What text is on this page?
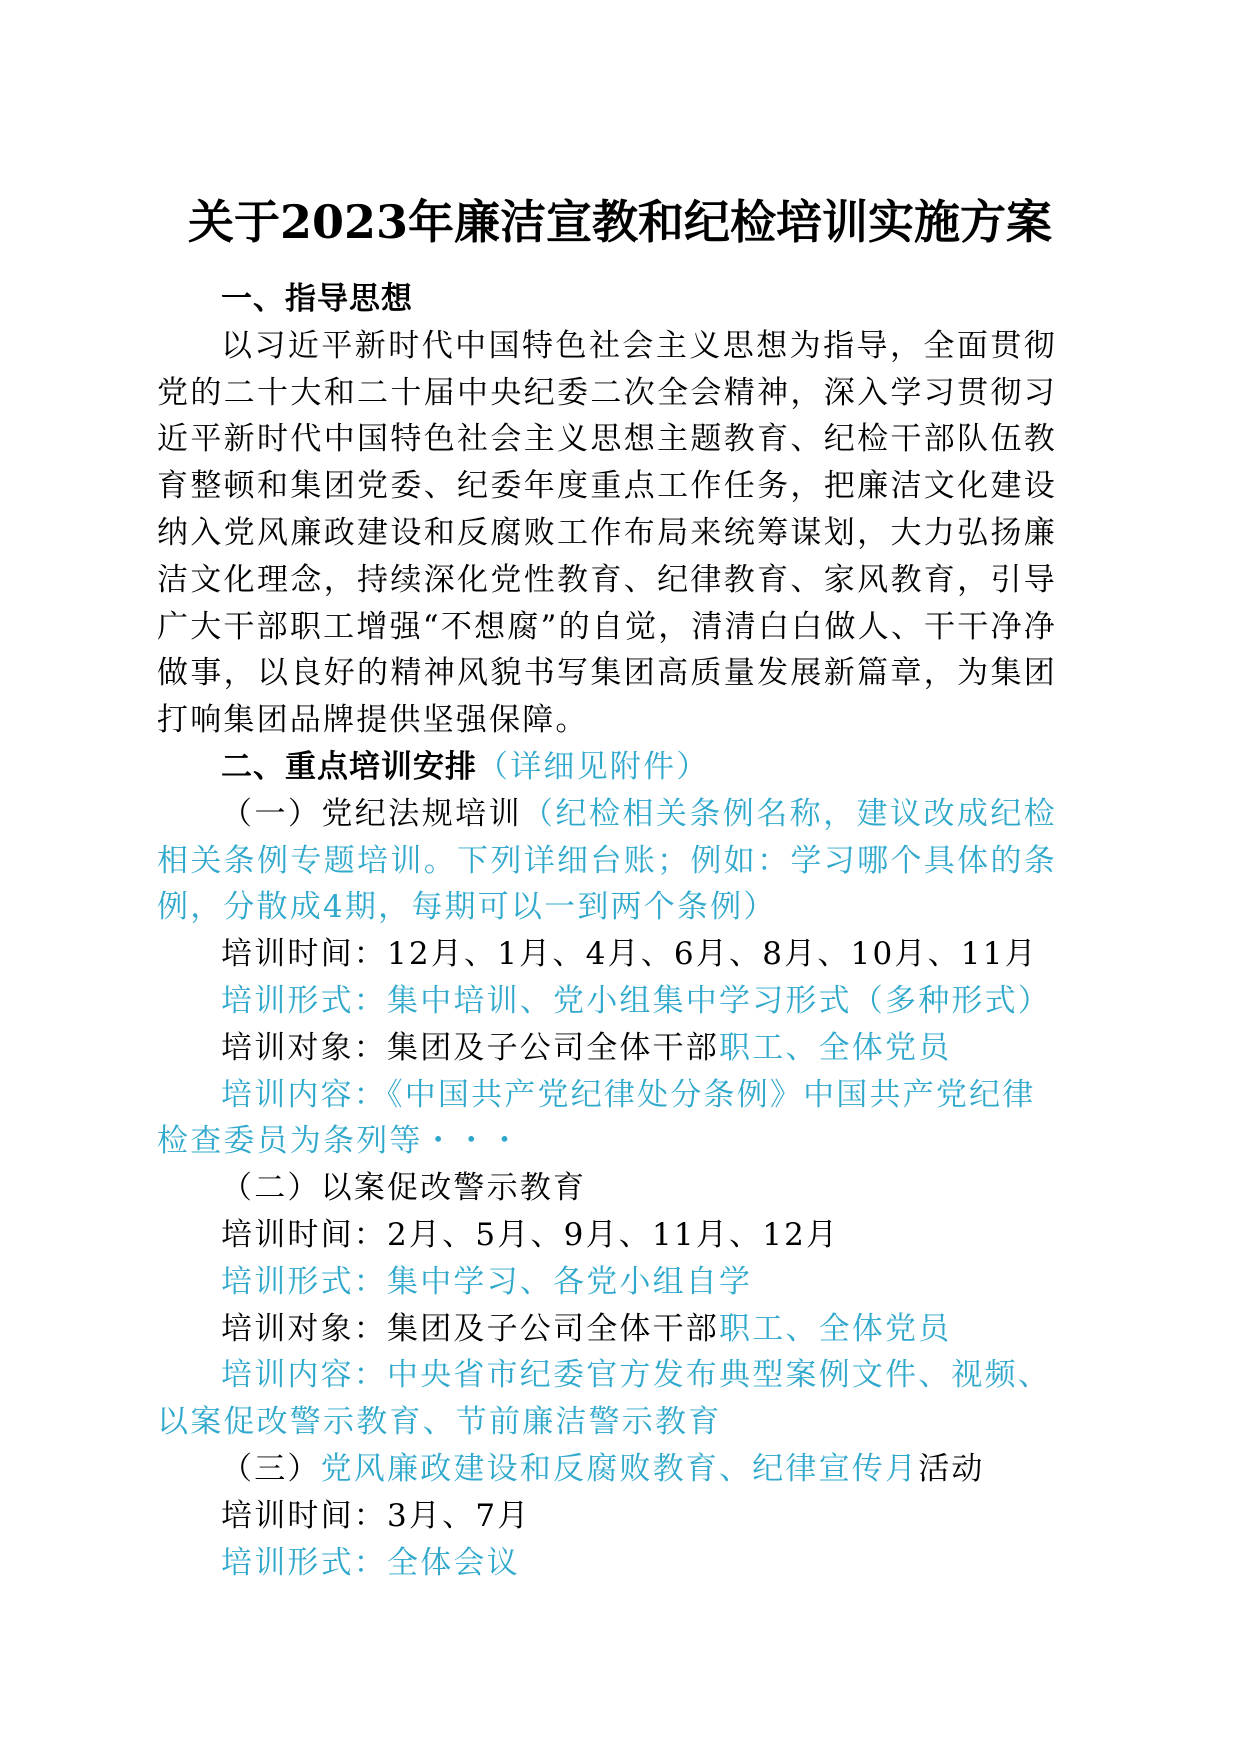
关于2023年廉洁宣教和纪检培训实施方案

一、指导思想

以习近平新时代中国特色社会主义思想为指导，全面贯彻党的二十大和二十届中央纪委二次全会精神，深入学习贯彻习近平新时代中国特色社会主义思想主题教育、纪检干部队伍教育整顿和集团党委、纪委年度重点工作任务，把廉洁文化建设纳入党风廉政建设和反腐败工作布局来统筹谋划，大力弘扬廉洁文化理念，持续深化党性教育、纪律教育、家风教育，引导广大干部职工增强“不想腐”的自觉，清清白白做人、干干净净做事，以良好的精神风貌书写集团高质量发展新篇章，为集团打响集团品牌提供坚强保障。

二、重点培训安排（详细见附件）

（一）党纪法规培训（纪检相关条例名称，建议改成纪检相关条例专题培训。下列详细台账；例如：学习哪个具体的条例，分散成4期，每期可以一到两个条例）

培训时间：12月、1月、4月、6月、8月、10月、11月

培训形式：集中培训、党小组集中学习形式（多种形式）

培训对象：集团及子公司全体干部职工、全体党员

培训内容：《中国共产党纪律处分条例》中国共产党纪律检查委员为条列等・・・

（二）以案促改警示教育

培训时间：2月、5月、9月、11月、12月

培训形式：集中学习、各党小组自学

培训对象：集团及子公司全体干部职工、全体党员

培训内容：中央省市纪委官方发布典型案例文件、视频、以案促改警示教育、节前廉洁警示教育

（三）党风廉政建设和反腐败教育、纪律宣传月活动

培训时间：3月、7月

培训形式：全体会议
